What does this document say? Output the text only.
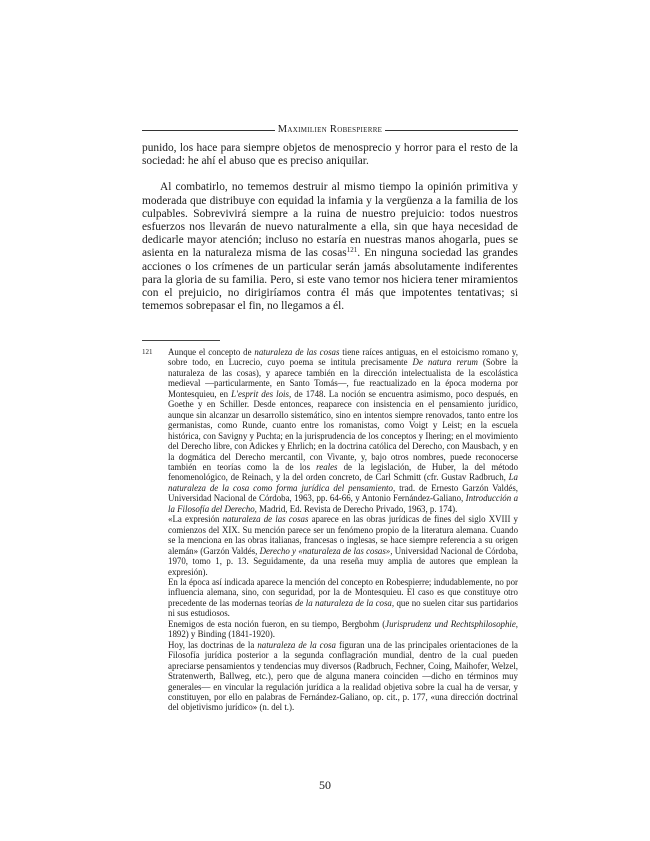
Maximilien Robespierre

punido, los hace para siempre objetos de menosprecio y horror para el resto de la sociedad: he ahí el abuso que es preciso aniquilar.

Al combatirlo, no tememos destruir al mismo tiempo la opinión primitiva y moderada que distribuye con equidad la infamia y la vergüenza a la familia de los culpables. Sobrevivirá siempre a la ruina de nuestro prejuicio: todos nuestros esfuerzos nos llevarán de nuevo naturalmente a ella, sin que haya necesidad de dedicarle mayor atención; incluso no estaría en nuestras manos ahogarla, pues se asienta en la naturaleza misma de las cosas$^{121}$. En ninguna sociedad las grandes acciones o los crímenes de un particular serán jamás absolutamente indiferentes para la gloria de su familia. Pero, si este vano temor nos hiciera tener miramientos con el prejuicio, no dirigiríamos contra él más que impotentes tentativas; si tememos sobrepasar el fin, no llegamos a él.

121 Aunque el concepto de naturaleza de las cosas tiene raíces antiguas, en el estoicismo romano y, sobre todo, en Lucrecio, cuyo poema se intitula precisamente De natura rerum (Sobre la naturaleza de las cosas), y aparece también en la dirección intelectualista de la escolástica medieval —particularmente, en Santo Tomás—, fue reactualizado en la época moderna por Montesquieu, en L'esprit des lois, de 1748. La noción se encuentra asimismo, poco después, en Goethe y en Schiller. Desde entonces, reaparece con insistencia en el pensamiento jurídico, aunque sin alcanzar un desarrollo sistemático, sino en intentos siempre renovados, tanto entre los germanistas, como Runde, cuanto entre los romanistas, como Voigt y Leist; en la escuela histórica, con Savigny y Puchta; en la jurisprudencia de los conceptos y Ihering; en el movimiento del Derecho libre, con Adickes y Ehrlich; en la doctrina católica del Derecho, con Mausbach, y en la dogmática del Derecho mercantil, con Vivante, y, bajo otros nombres, puede reconocerse también en teorías como la de los reales de la legislación, de Huber, la del método fenomenológico, de Reinach, y la del orden concreto, de Carl Schmitt (cfr. Gustav Radbruch, La naturaleza de la cosa como forma jurídica del pensamiento, trad. de Ernesto Garzón Valdés, Universidad Nacional de Córdoba, 1963, pp. 64-66, y Antonio Fernández-Galiano, Introducción a la Filosofía del Derecho, Madrid, Ed. Revista de Derecho Privado, 1963, p. 174).

«La expresión naturaleza de las cosas aparece en las obras jurídicas de fines del siglo XVIII y comienzos del XIX. Su mención parece ser un fenómeno propio de la literatura alemana. Cuando se la menciona en las obras italianas, francesas o inglesas, se hace siempre referencia a su origen alemán» (Garzón Valdés, Derecho y «naturaleza de las cosas», Universidad Nacional de Córdoba, 1970, tomo 1, p. 13. Seguidamente, da una reseña muy amplia de autores que emplean la expresión).

En la época así indicada aparece la mención del concepto en Robespierre; indudablemente, no por influencia alemana, sino, con seguridad, por la de Montesquieu. El caso es que constituye otro precedente de las modernas teorías de la naturaleza de la cosa, que no suelen citar sus partidarios ni sus estudiosos.

Enemigos de esta noción fueron, en su tiempo, Bergbohm (Jurisprudenz und Rechtsphilosophie, 1892) y Binding (1841-1920).

Hoy, las doctrinas de la naturaleza de la cosa figuran una de las principales orientaciones de la Filosofía jurídica posterior a la segunda conflagración mundial, dentro de la cual pueden apreciarse pensamientos y tendencias muy diversos (Radbruch, Fechner, Coing, Maihofer, Welzel, Stratenwerth, Ballweg, etc.), pero que de alguna manera coinciden —dicho en términos muy generales— en vincular la regulación jurídica a la realidad objetiva sobre la cual ha de versar, y constituyen, por ello en palabras de Fernández-Galiano, op. cit., p. 177, «una dirección doctrinal del objetivismo jurídico» (n. del t.).

50
